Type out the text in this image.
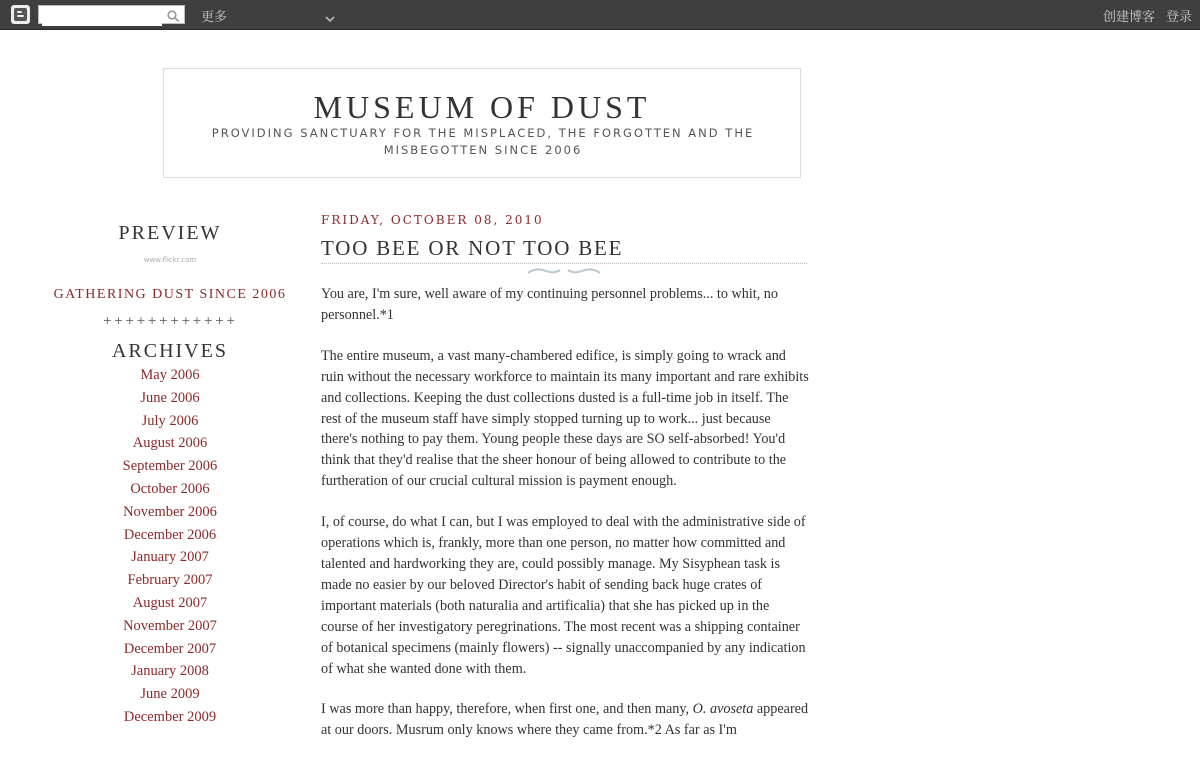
更多	创建博客 登录
MUSEUM OF DUST
PROVIDING SANCTUARY FOR THE MISPLACED, THE FORGOTTEN AND THE MISBEGOTTEN SINCE 2006
PREVIEW
www.flickr.com
GATHERING DUST SINCE 2006
++++++++++++
ARCHIVES
May 2006
June 2006
July 2006
August 2006
September 2006
October 2006
November 2006
December 2006
January 2007
February 2007
August 2007
November 2007
December 2007
January 2008
June 2009
December 2009
FRIDAY, OCTOBER 08, 2010
TOO BEE OR NOT TOO BEE

You are, I'm sure, well aware of my continuing personnel problems... to whit, no personnel.*1

The entire museum, a vast many-chambered edifice, is simply going to wrack and ruin without the necessary workforce to maintain its many important and rare exhibits and collections. Keeping the dust collections dusted is a full-time job in itself. The rest of the museum staff have simply stopped turning up to work... just because there's nothing to pay them. Young people these days are SO self-absorbed! You'd think that they'd realise that the sheer honour of being allowed to contribute to the furtheration of our crucial cultural mission is payment enough.

I, of course, do what I can, but I was employed to deal with the administrative side of operations which is, frankly, more than one person, no matter how committed and talented and hardworking they are, could possibly manage. My Sisyphean task is made no easier by our beloved Director's habit of sending back huge crates of important materials (both naturalia and artificalia) that she has picked up in the course of her investigatory peregrinations. The most recent was a shipping container of botanical specimens (mainly flowers) -- signally unaccompanied by any indication of what she wanted done with them.

I was more than happy, therefore, when first one, and then many, O. avoseta appeared at our doors. Musrum only knows where they came from.*2 As far as I'm
